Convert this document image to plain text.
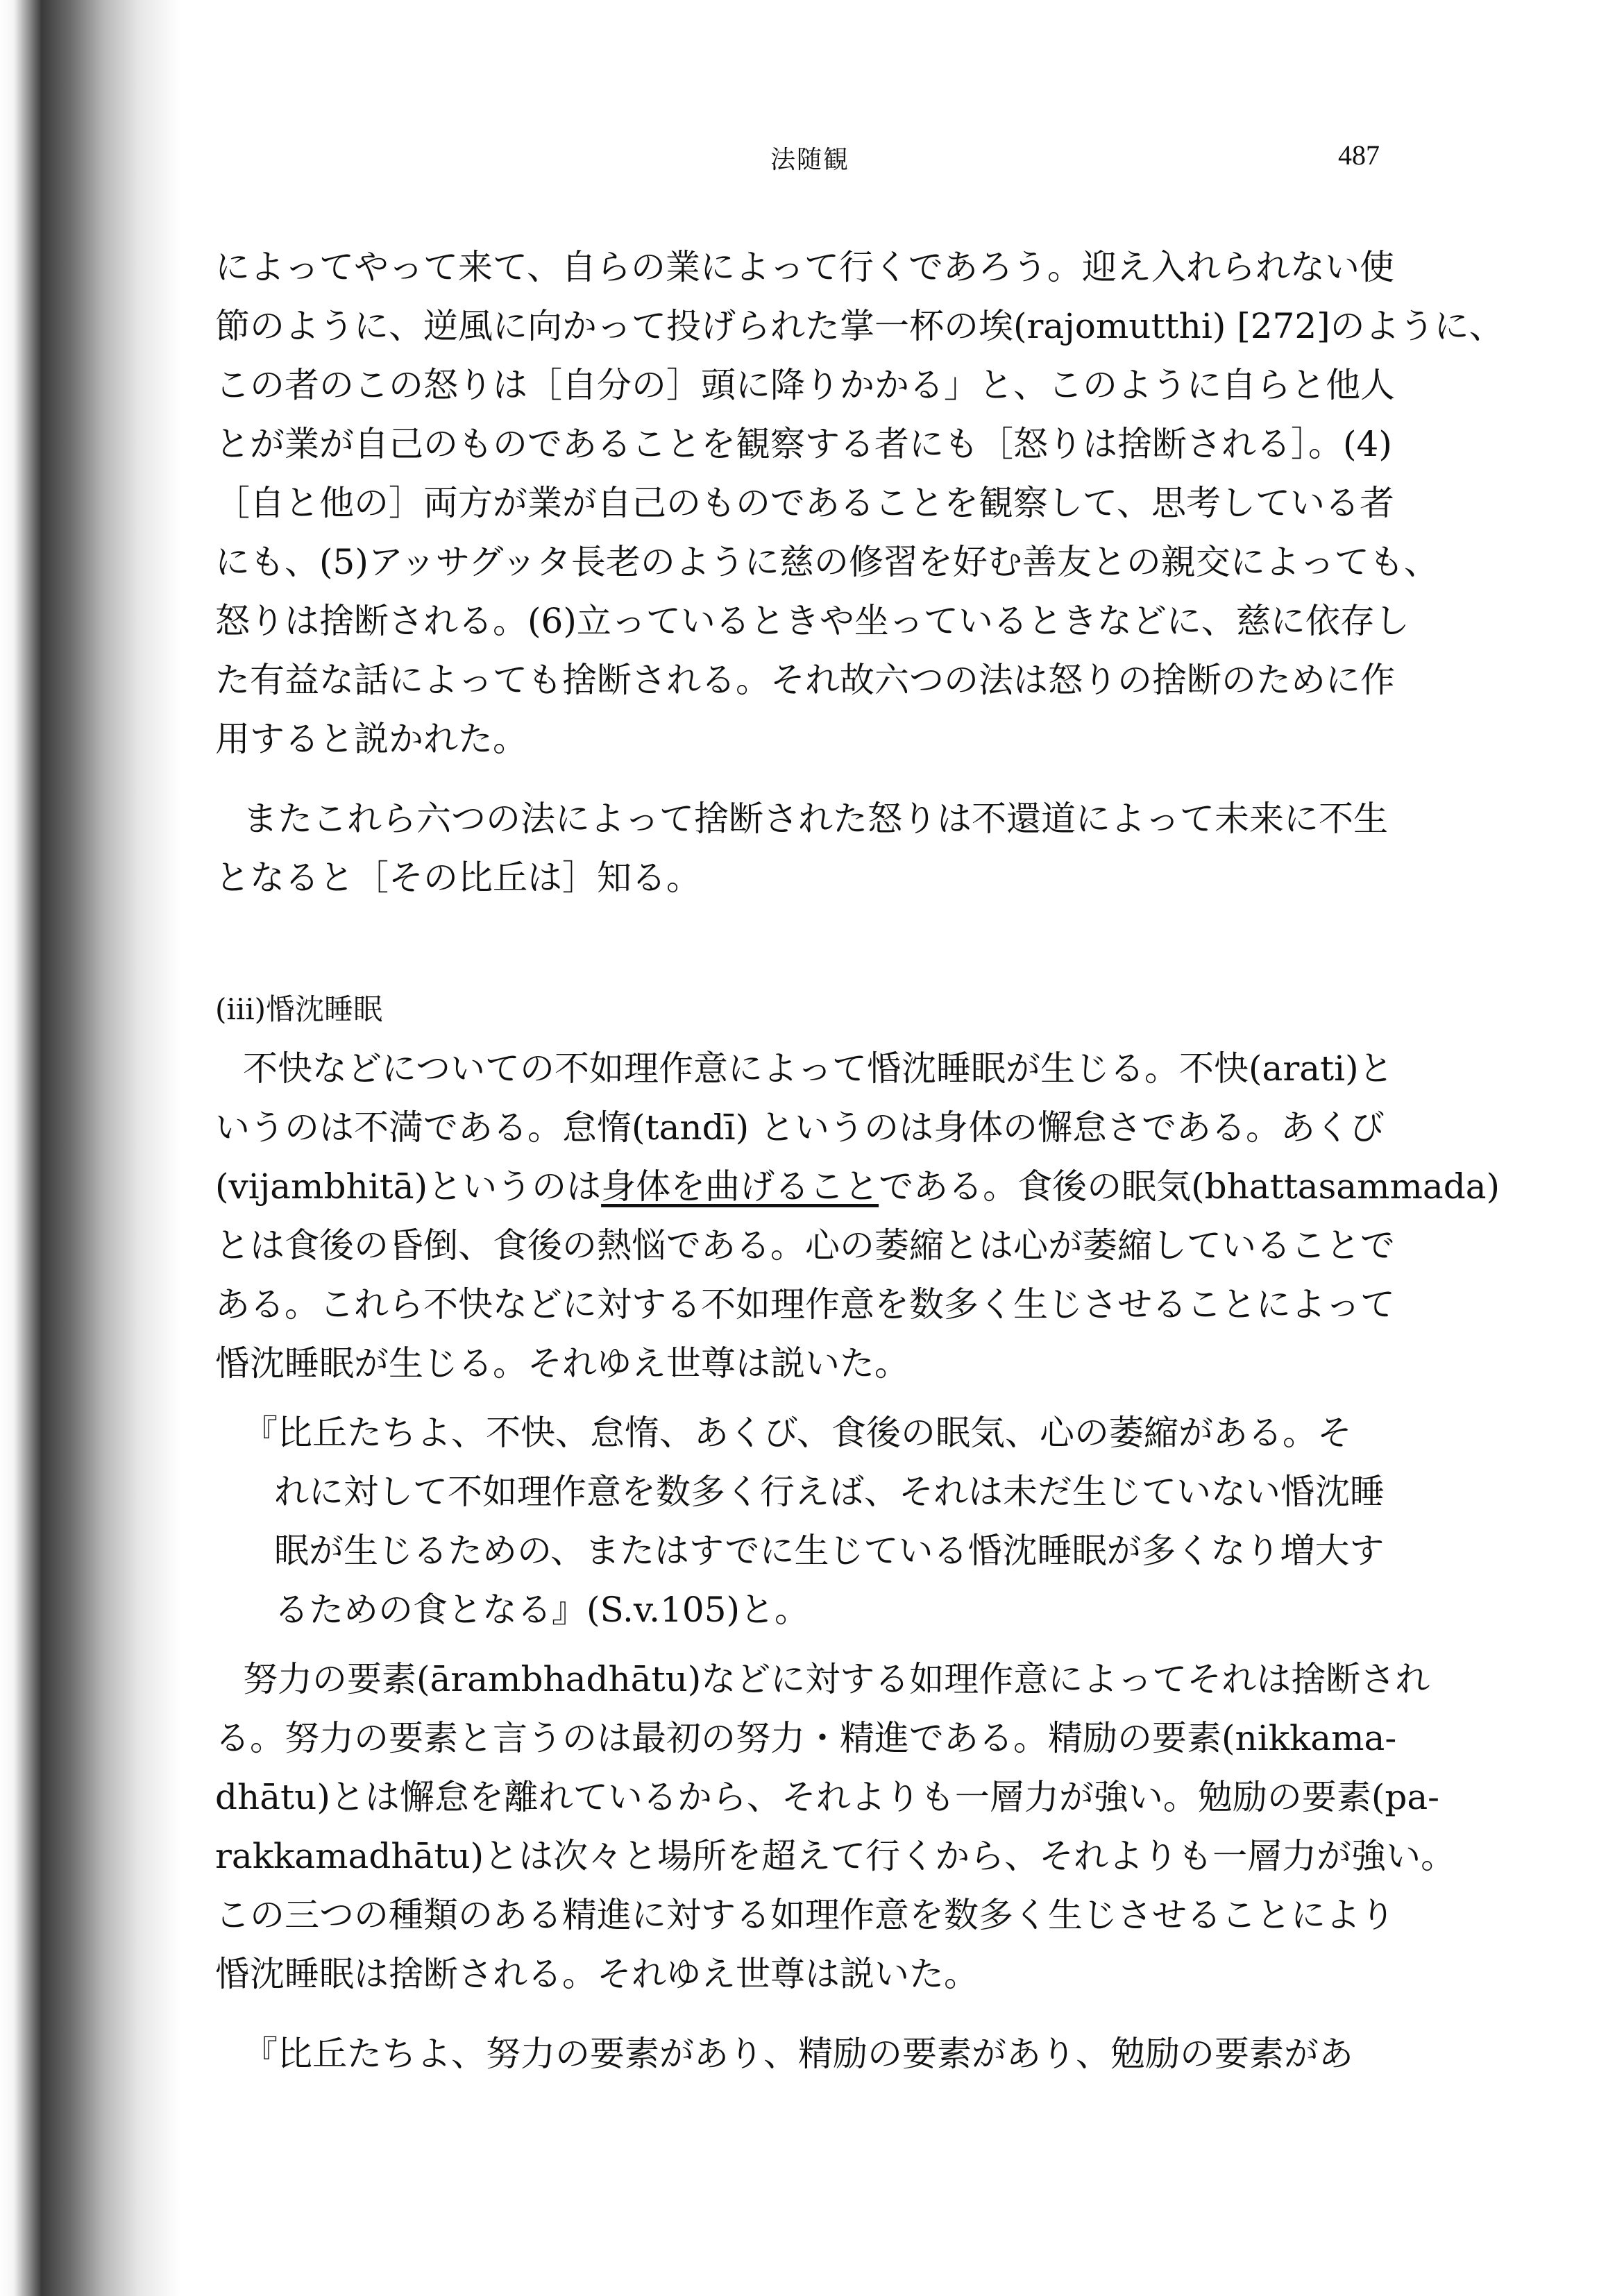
法随観	487
によってやって来て、自らの業によって行くであろう。迎え入れられない使
節のように、逆風に向かって投げられた掌一杯の埃(rajomutthi) [272]のように、
この者のこの怒りは［自分の］頭に降りかかる」と、このように自らと他人
とが業が自己のものであることを観察する者にも［怒りは捨断される］。(4)
［自と他の］両方が業が自己のものであることを観察して、思考している者
にも、(5)アッサグッタ長老のように慈の修習を好む善友との親交によっても、
怒りは捨断される。(6)立っているときや坐っているときなどに、慈に依存し
た有益な話によっても捨断される。それ故六つの法は怒りの捨断のために作
用すると説かれた。
またこれら六つの法によって捨断された怒りは不還道によって未来に不生
となると［その比丘は］知る。
(iii)惛沈睡眠
不快などについての不如理作意によって惛沈睡眠が生じる。不快(arati)と
いうのは不満である。怠惰(tandī) というのは身体の懈怠さである。あくび
(vijambhitā)というのは身体を曲げることである。食後の眠気(bhattasammada)
とは食後の昏倒、食後の熱悩である。心の萎縮とは心が萎縮していることで
ある。これら不快などに対する不如理作意を数多く生じさせることによって
惛沈睡眠が生じる。それゆえ世尊は説いた。
『比丘たちよ、不快、怠惰、あくび、食後の眠気、心の萎縮がある。そ
れに対して不如理作意を数多く行えば、それは未だ生じていない惛沈睡
眠が生じるための、またはすでに生じている惛沈睡眠が多くなり増大す
るための食となる』(S.v.105)と。
努力の要素(ārambhadhātu)などに対する如理作意によってそれは捨断され
る。努力の要素と言うのは最初の努力・精進である。精励の要素(nikkama-
dhātu)とは懈怠を離れているから、それよりも一層力が強い。勉励の要素(pa-
rakkamadhātu)とは次々と場所を超えて行くから、それよりも一層力が強い。
この三つの種類のある精進に対する如理作意を数多く生じさせることにより
惛沈睡眠は捨断される。それゆえ世尊は説いた。
『比丘たちよ、努力の要素があり、精励の要素があり、勉励の要素があ
